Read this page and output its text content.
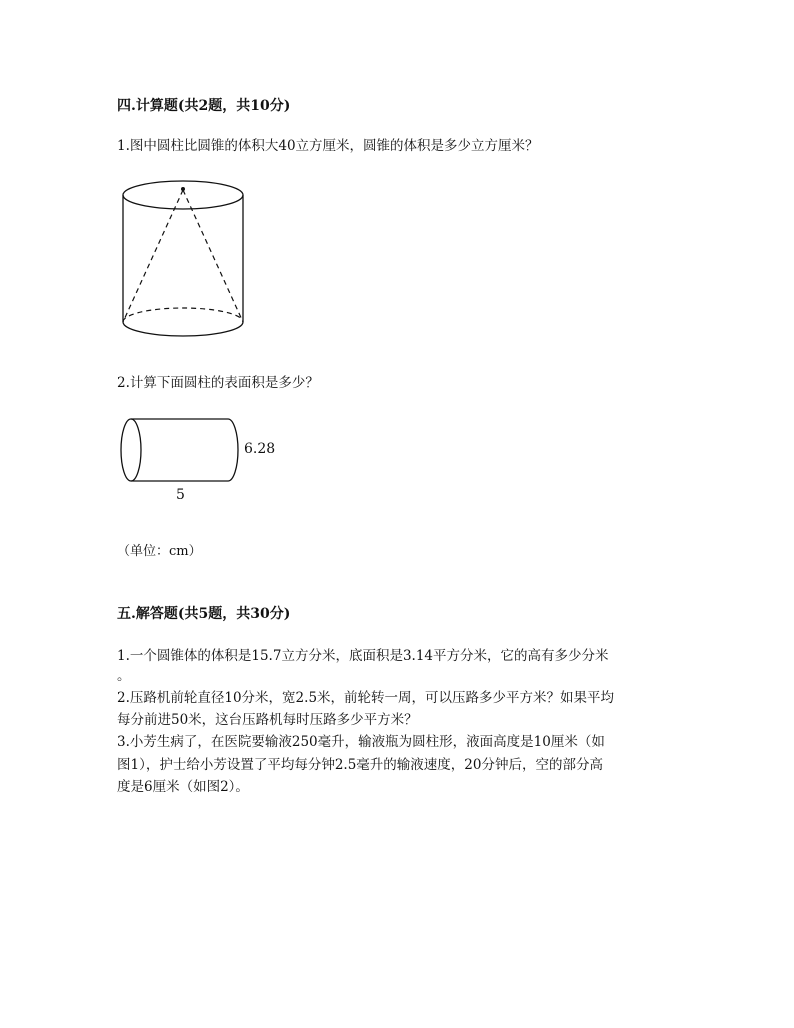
四.计算题(共2题，共10分)
1.图中圆柱比圆锥的体积大40立方厘米，圆锥的体积是多少立方厘米？
2.计算下面圆柱的表面积是多少？
6.28
5
（单位：cm）
五.解答题(共5题，共30分)
1.一个圆锥体的体积是15.7立方分米，底面积是3.14平方分米，它的高有多少分米
。
2.压路机前轮直径10分米，宽2.5米，前轮转一周，可以压路多少平方米？如果平均
每分前进50米，这台压路机每时压路多少平方米？
3.小芳生病了，在医院要输液250毫升，输液瓶为圆柱形，液面高度是10厘米（如
图1），护士给小芳设置了平均每分钟2.5毫升的输液速度，20分钟后，空的部分高
度是6厘米（如图2）。
